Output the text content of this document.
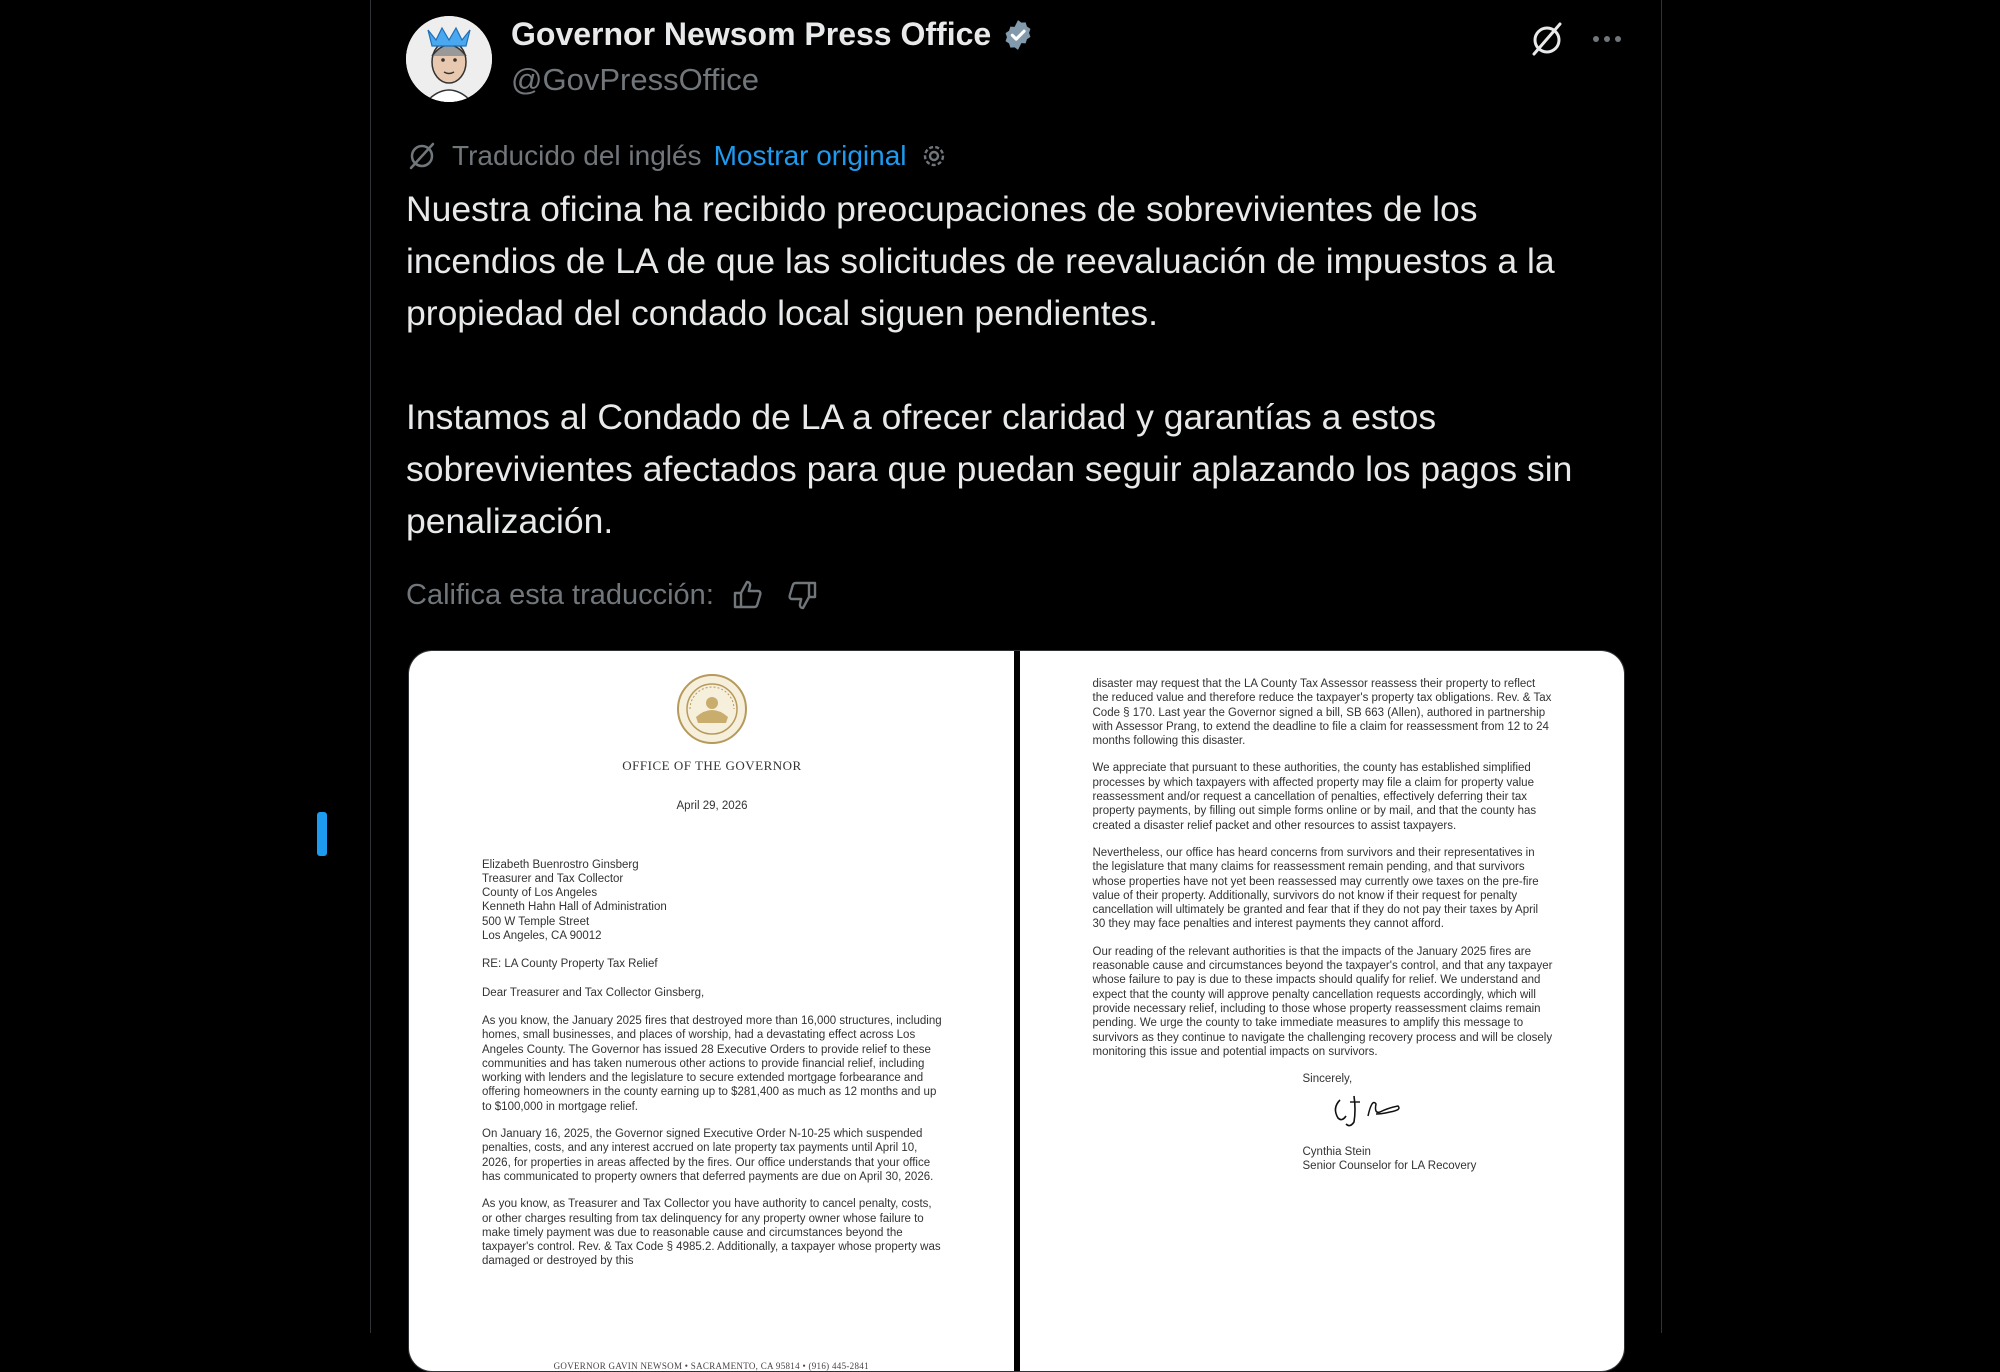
Governor Newsom Press Office
@GovPressOffice
Traducido del inglés Mostrar original

Nuestra oficina ha recibido preocupaciones de sobrevivientes de los incendios de LA de que las solicitudes de reevaluación de impuestos a la propiedad del condado local siguen pendientes.

Instamos al Condado de LA a ofrecer claridad y garantías a estos sobrevivientes afectados para que puedan seguir aplazando los pagos sin penalización.

Califica esta traducción:
OFFICE OF THE GOVERNOR
April 29, 2026
Elizabeth Buenrostro Ginsberg
Treasurer and Tax Collector
County of Los Angeles
Kenneth Hahn Hall of Administration
500 W Temple Street
Los Angeles, CA 90012
RE: LA County Property Tax Relief
Dear Treasurer and Tax Collector Ginsberg,

As you know, the January 2025 fires that destroyed more than 16,000 structures, including homes, small businesses, and places of worship, had a devastating effect across Los Angeles County. The Governor has issued 28 Executive Orders to provide relief to these communities and has taken numerous other actions to provide financial relief, including working with lenders and the legislature to secure extended mortgage forbearance and offering homeowners in the county earning up to $281,400 as much as 12 months and up to $100,000 in mortgage relief.

On January 16, 2025, the Governor signed Executive Order N-10-25 which suspended penalties, costs, and any interest accrued on late property tax payments until April 10, 2026, for properties in areas affected by the fires. Our office understands that your office has communicated to property owners that deferred payments are due on April 30, 2026.

As you know, as Treasurer and Tax Collector you have authority to cancel penalty, costs, or other charges resulting from tax delinquency for any property owner whose failure to make timely payment was due to reasonable cause and circumstances beyond the taxpayer's control. Rev. & Tax Code § 4985.2. Additionally, a taxpayer whose property was damaged or destroyed by this

GOVERNOR GAVIN NEWSOM • SACRAMENTO, CA 95814 • (916) 445-2841

disaster may request that the LA County Tax Assessor reassess their property to reflect the reduced value and therefore reduce the taxpayer's property tax obligations. Rev. & Tax Code § 170. Last year the Governor signed a bill, SB 663 (Allen), authored in partnership with Assessor Prang, to extend the deadline to file a claim for reassessment from 12 to 24 months following this disaster.

We appreciate that pursuant to these authorities, the county has established simplified processes by which taxpayers with affected property may file a claim for property value reassessment and/or request a cancellation of penalties, effectively deferring their tax property payments, by filling out simple forms online or by mail, and that the county has created a disaster relief packet and other resources to assist taxpayers.

Nevertheless, our office has heard concerns from survivors and their representatives in the legislature that many claims for reassessment remain pending, and that survivors whose properties have not yet been reassessed may currently owe taxes on the pre-fire value of their property. Additionally, survivors do not know if their request for penalty cancellation will ultimately be granted and fear that if they do not pay their taxes by April 30 they may face penalties and interest payments they cannot afford.

Our reading of the relevant authorities is that the impacts of the January 2025 fires are reasonable cause and circumstances beyond the taxpayer's control, and that any taxpayer whose failure to pay is due to these impacts should qualify for relief. We understand and expect that the county will approve penalty cancellation requests accordingly, which will provide necessary relief, including to those whose property reassessment claims remain pending. We urge the county to take immediate measures to amplify this message to survivors as they continue to navigate the challenging recovery process and will be closely monitoring this issue and potential impacts on survivors.

Sincerely,
Cynthia Stein
Senior Counselor for LA Recovery
